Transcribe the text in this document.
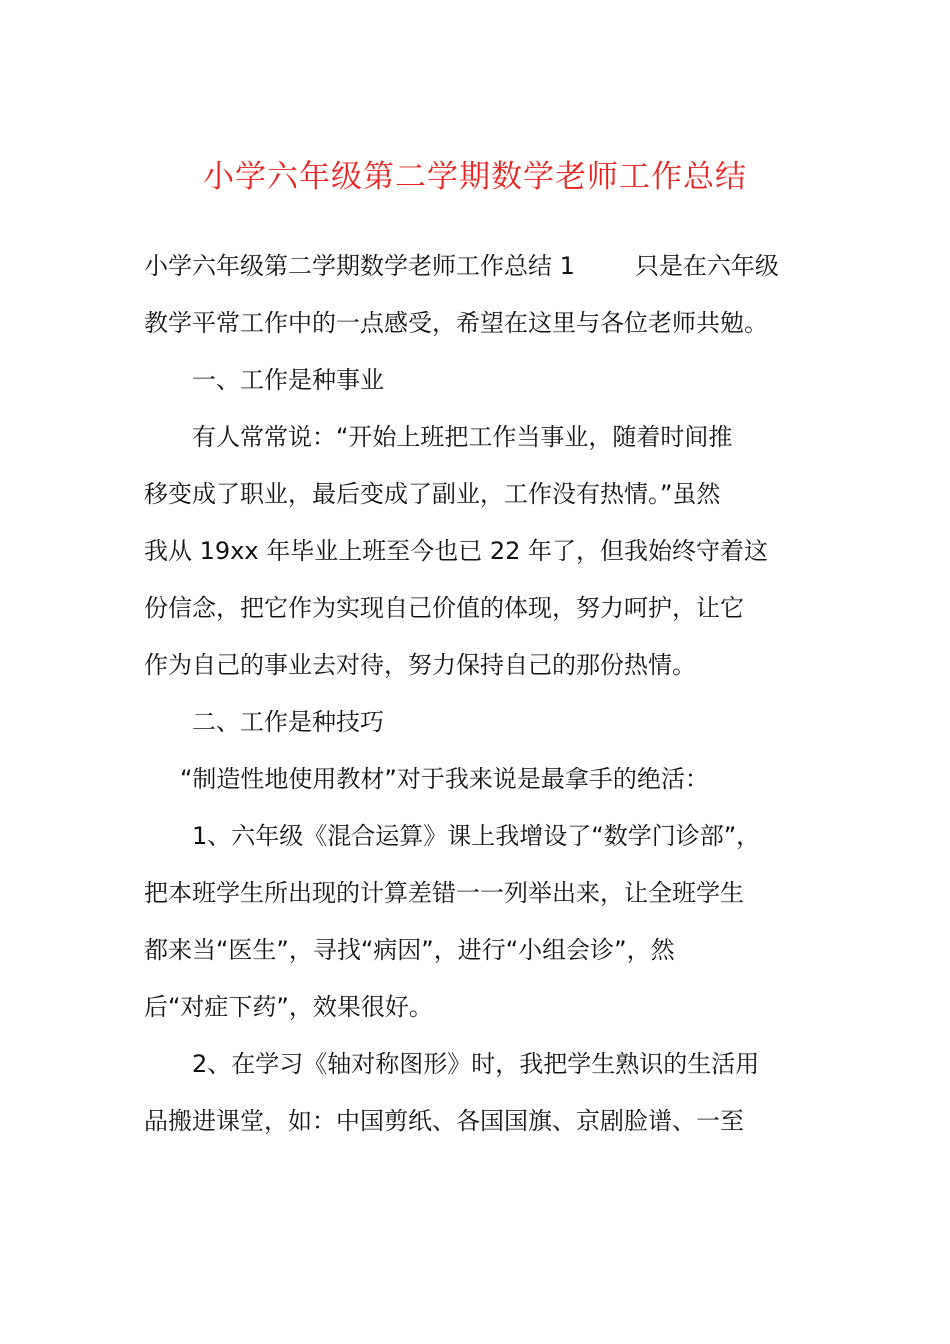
小学六年级第二学期数学老师工作总结

小学六年级第二学期数学老师工作总结 1	只是在六年级
教学平常工作中的一点感受，希望在这里与各位老师共勉。

一、工作是种事业

有人常常说：“开始上班把工作当事业，随着时间推
移变成了职业，最后变成了副业，工作没有热情。”虽然
我从 19xx 年毕业上班至今也已 22 年了，但我始终守着这
份信念，把它作为实现自己价值的体现，努力呵护，让它
作为自己的事业去对待，努力保持自己的那份热情。

二、工作是种技巧

“制造性地使用教材”对于我来说是最拿手的绝活：

1、六年级《混合运算》课上我增设了“数学门诊部”，
把本班学生所出现的计算差错一一列举出来，让全班学生
都来当“医生”，寻找“病因”，进行“小组会诊”，然
后“对症下药”，效果很好。

2、在学习《轴对称图形》时，我把学生熟识的生活用
品搬进课堂，如：中国剪纸、各国国旗、京剧脸谱、一至
